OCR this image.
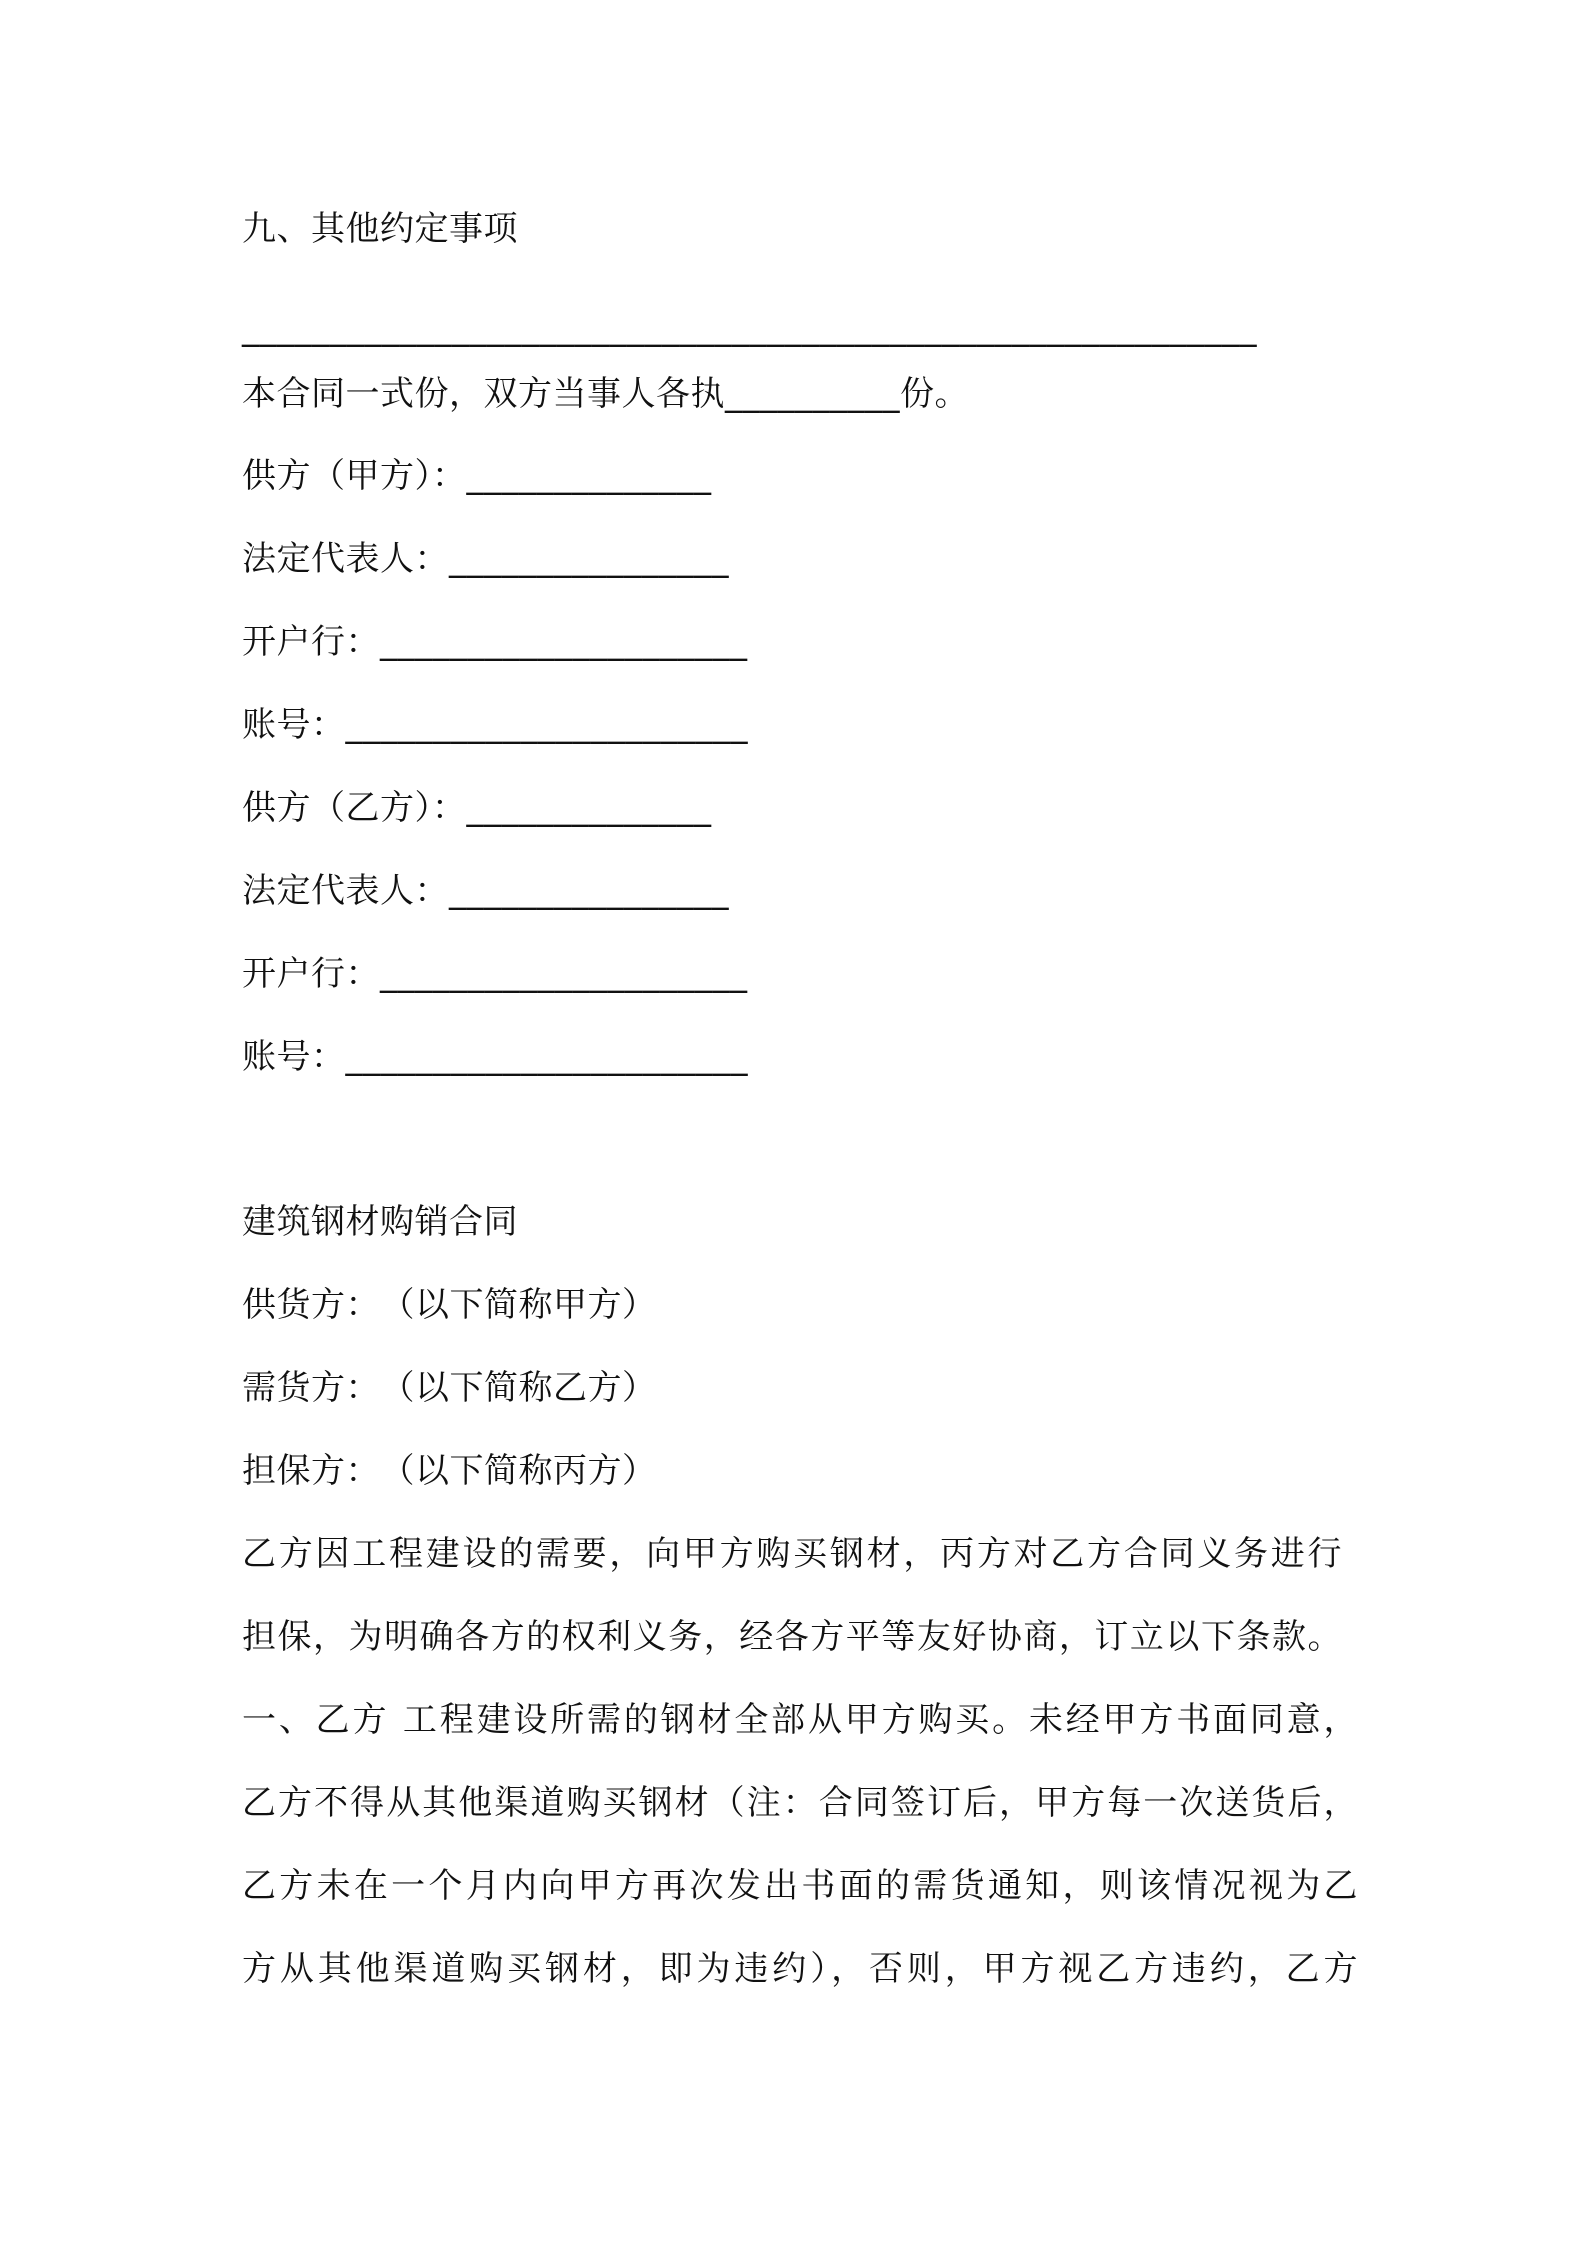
九、其他约定事项
__________________________________________________________
本合同一式份，双方当事人各执__________份。
供方（甲方）：______________
法定代表人：________________
开户行：_____________________
账号：_______________________
供方（乙方）：______________
法定代表人：________________
开户行：_____________________
账号：_______________________
建筑钢材购销合同
供货方：　（以下简称甲方）
需货方：　（以下简称乙方）
担保方：　（以下简称丙方）
乙方因工程建设的需要，向甲方购买钢材，丙方对乙方合同义务进行
担保，为明确各方的权利义务，经各方平等友好协商，订立以下条款。
一、乙方 工程建设所需的钢材全部从甲方购买。未经甲方书面同意，
乙方不得从其他渠道购买钢材（注：合同签订后，甲方每一次送货后，
乙方未在一个月内向甲方再次发出书面的需货通知，则该情况视为乙
方从其他渠道购买钢材，即为违约），否则，甲方视乙方违约，乙方
